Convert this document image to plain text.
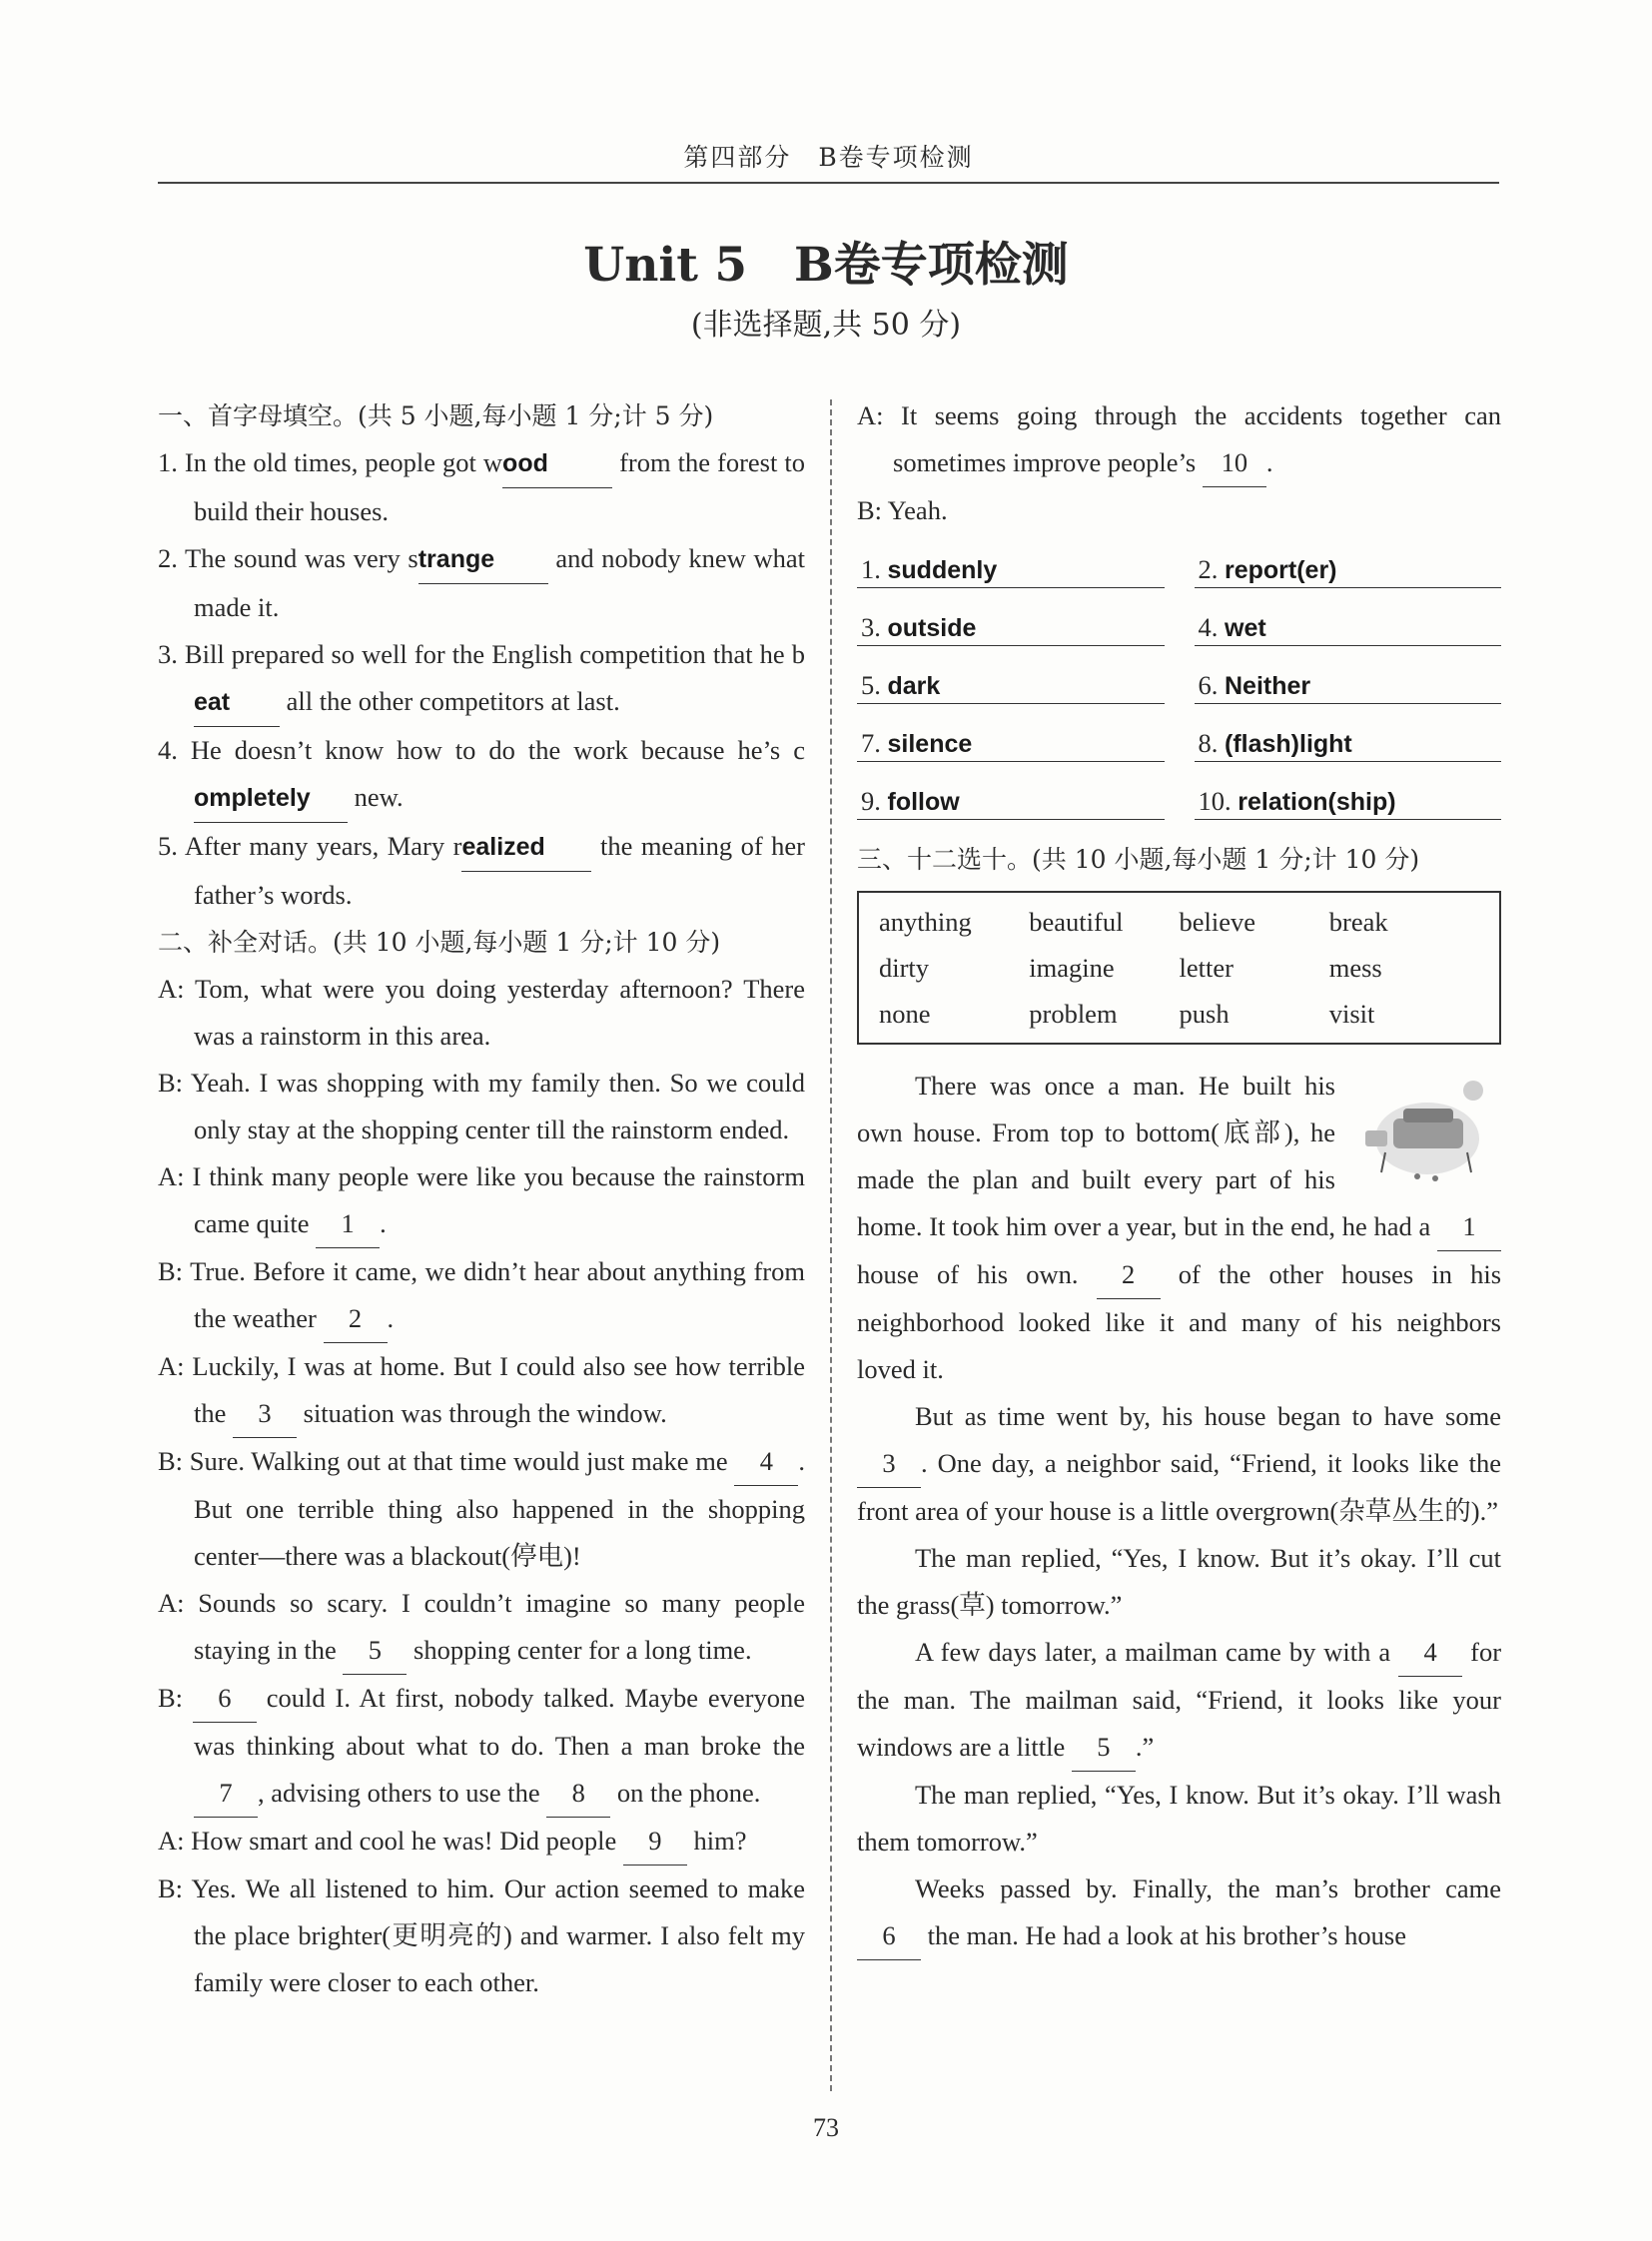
第四部分　B卷专项检测
Unit 5　B卷专项检测
(非选择题,共 50 分)
一、首字母填空。(共 5 小题,每小题 1 分;计 5 分)
1. In the old times, people got wood from the forest to build their houses.
2. The sound was very strange and nobody knew what made it.
3. Bill prepared so well for the English competition that he beat all the other competitors at last.
4. He doesn’t know how to do the work because he’s completely new.
5. After many years, Mary realized the meaning of her father’s words.
二、补全对话。(共 10 小题,每小题 1 分;计 10 分)
A: Tom, what were you doing yesterday afternoon? There was a rainstorm in this area.
B: Yeah. I was shopping with my family then. So we could only stay at the shopping center till the rainstorm ended.
A: I think many people were like you because the rainstorm came quite 1 .
B: True. Before it came, we didn’t hear about anything from the weather 2 .
A: Luckily, I was at home. But I could also see how terrible the 3 situation was through the window.
B: Sure. Walking out at that time would just make me 4 . But one terrible thing also happened in the shopping center—there was a blackout(停电)!
A: Sounds so scary. I couldn’t imagine so many people staying in the 5 shopping center for a long time.
B: 6 could I. At first, nobody talked. Maybe everyone was thinking about what to do. Then a man broke the 7 , advising others to use the 8 on the phone.
A: How smart and cool he was! Did people 9 him?
B: Yes. We all listened to him. Our action seemed to make the place brighter(更明亮的) and warmer. I also felt my family were closer to each other.
A: It seems going through the accidents together can sometimes improve people’s 10 .
B: Yeah.
1. suddenly	2. report(er)
3. outside	4. wet
5. dark	6. Neither
7. silence	8. (flash)light
9. follow	10. relation(ship)
三、十二选十。(共 10 小题,每小题 1 分;计 10 分)
anything	beautiful	believe	break
dirty	imagine	letter	mess
none	problem	push	visit
There was once a man. He built his own house. From top to bottom(底部), he made the plan and built every part of his home. It took him over a year, but in the end, he had a 1 house of his own. 2 of the other houses in his neighborhood looked like it and many of his neighbors loved it.
But as time went by, his house began to have some 3 . One day, a neighbor said, “Friend, it looks like the front area of your house is a little overgrown(杂草丛生的).”
The man replied, “Yes, I know. But it’s okay. I’ll cut the grass(草) tomorrow.”
A few days later, a mailman came by with a 4 for the man. The mailman said, “Friend, it looks like your windows are a little 5 .”
The man replied, “Yes, I know. But it’s okay. I’ll wash them tomorrow.”
Weeks passed by. Finally, the man’s brother came 6 the man. He had a look at his brother’s house
73
